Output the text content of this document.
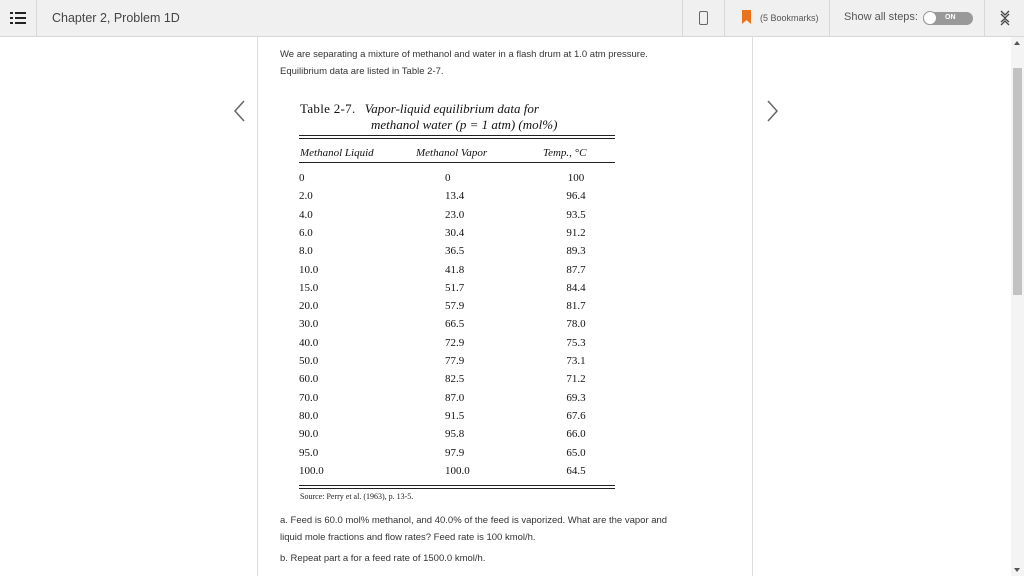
Chapter 2, Problem 1D	(5 Bookmarks) Show all steps:	ON
We are separating a mixture of methanol and water in a flash drum at 1.0 atm pressure.
Equilibrium data are listed in Table 2-7.
Table 2-7. Vapor-liquid equilibrium data for
methanol water (p = 1 atm) (mol%)
Methanol Liquid	Methanol Vapor	Temp., °C
0	0	100
2.0	13.4	96.4
4.0	23.0	93.5
6.0	30.4	91.2
8.0	36.5	89.3
10.0	41.8	87.7
15.0	51.7	84.4
20.0	57.9	81.7
30.0	66.5	78.0
40.0	72.9	75.3
50.0	77.9	73.1
60.0	82.5	71.2
70.0	87.0	69.3
80.0	91.5	67.6
90.0	95.8	66.0
95.0	97.9	65.0
100.0	100.0	64.5
Source: Perry et al. (1963), p. 13-5.

a. Feed is 60.0 mol% methanol, and 40.0% of the feed is vaporized. What are the vapor and
liquid mole fractions and flow rates? Feed rate is 100 kmol/h.

b. Repeat part a for a feed rate of 1500.0 kmol/h.
